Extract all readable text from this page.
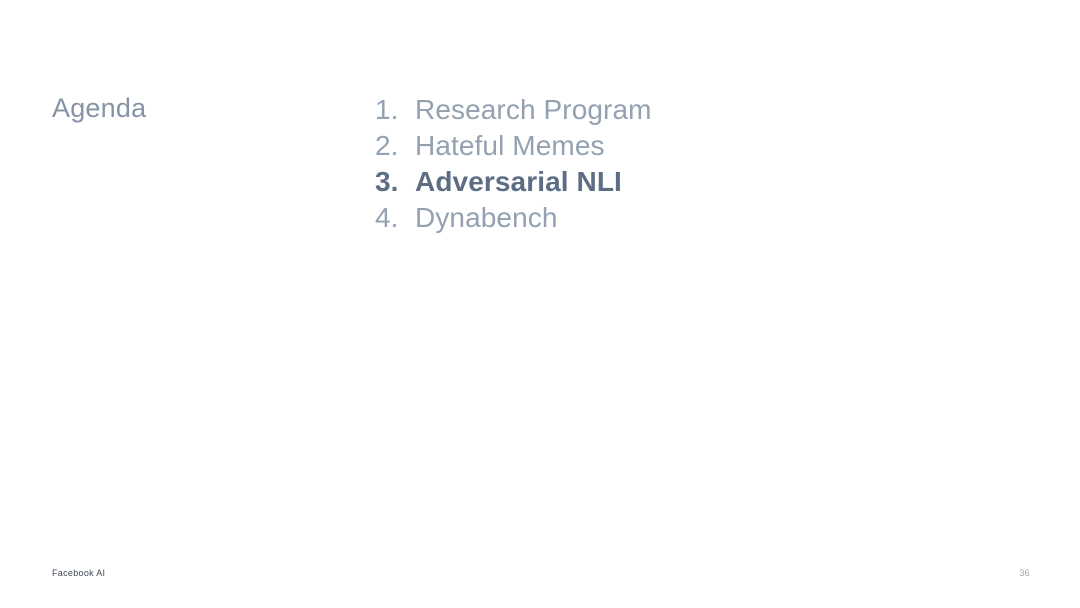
Agenda	1. Research Program
2. Hateful Memes
3. Adversarial NLI
4. Dynabench
Facebook AI	36
